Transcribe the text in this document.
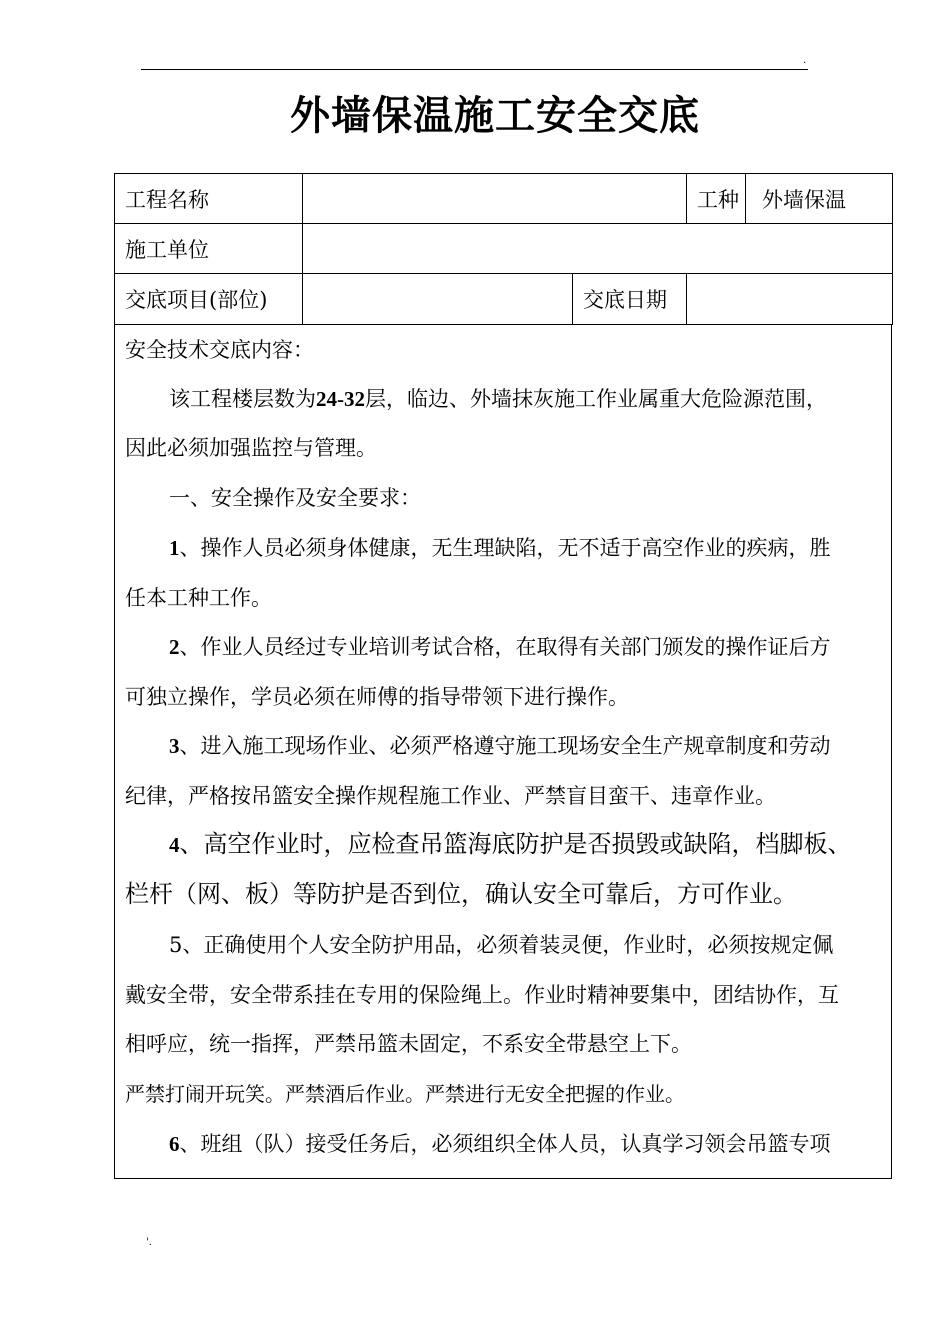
.
外墙保温施工安全交底
工程名称			工种	外墙保温
施工单位				
交底项目(部位)		交底日期		
安全技术交底内容：
该工程楼层数为24-32层，临边、外墙抹灰施工作业属重大危险源范围，
因此必须加强监控与管理。
一、安全操作及安全要求：
1、操作人员必须身体健康，无生理缺陷，无不适于高空作业的疾病，胜
任本工种工作。
2、作业人员经过专业培训考试合格，在取得有关部门颁发的操作证后方
可独立操作，学员必须在师傅的指导带领下进行操作。
3、进入施工现场作业、必须严格遵守施工现场安全生产规章制度和劳动
纪律，严格按吊篮安全操作规程施工作业、严禁盲目蛮干、违章作业。
4、高空作业时，应检查吊篮海底防护是否损毁或缺陷，档脚板、
栏杆（网、板）等防护是否到位，确认安全可靠后，方可作业。
5、正确使用个人安全防护用品，必须着装灵便，作业时，必须按规定佩
戴安全带，安全带系挂在专用的保险绳上。作业时精神要集中，团结协作，互
相呼应，统一指挥，严禁吊篮未固定，不系安全带悬空上下。
严禁打闹开玩笑。严禁酒后作业。严禁进行无安全把握的作业。
6、班组（队）接受任务后，必须组织全体人员，认真学习领会吊篮专项
'.
